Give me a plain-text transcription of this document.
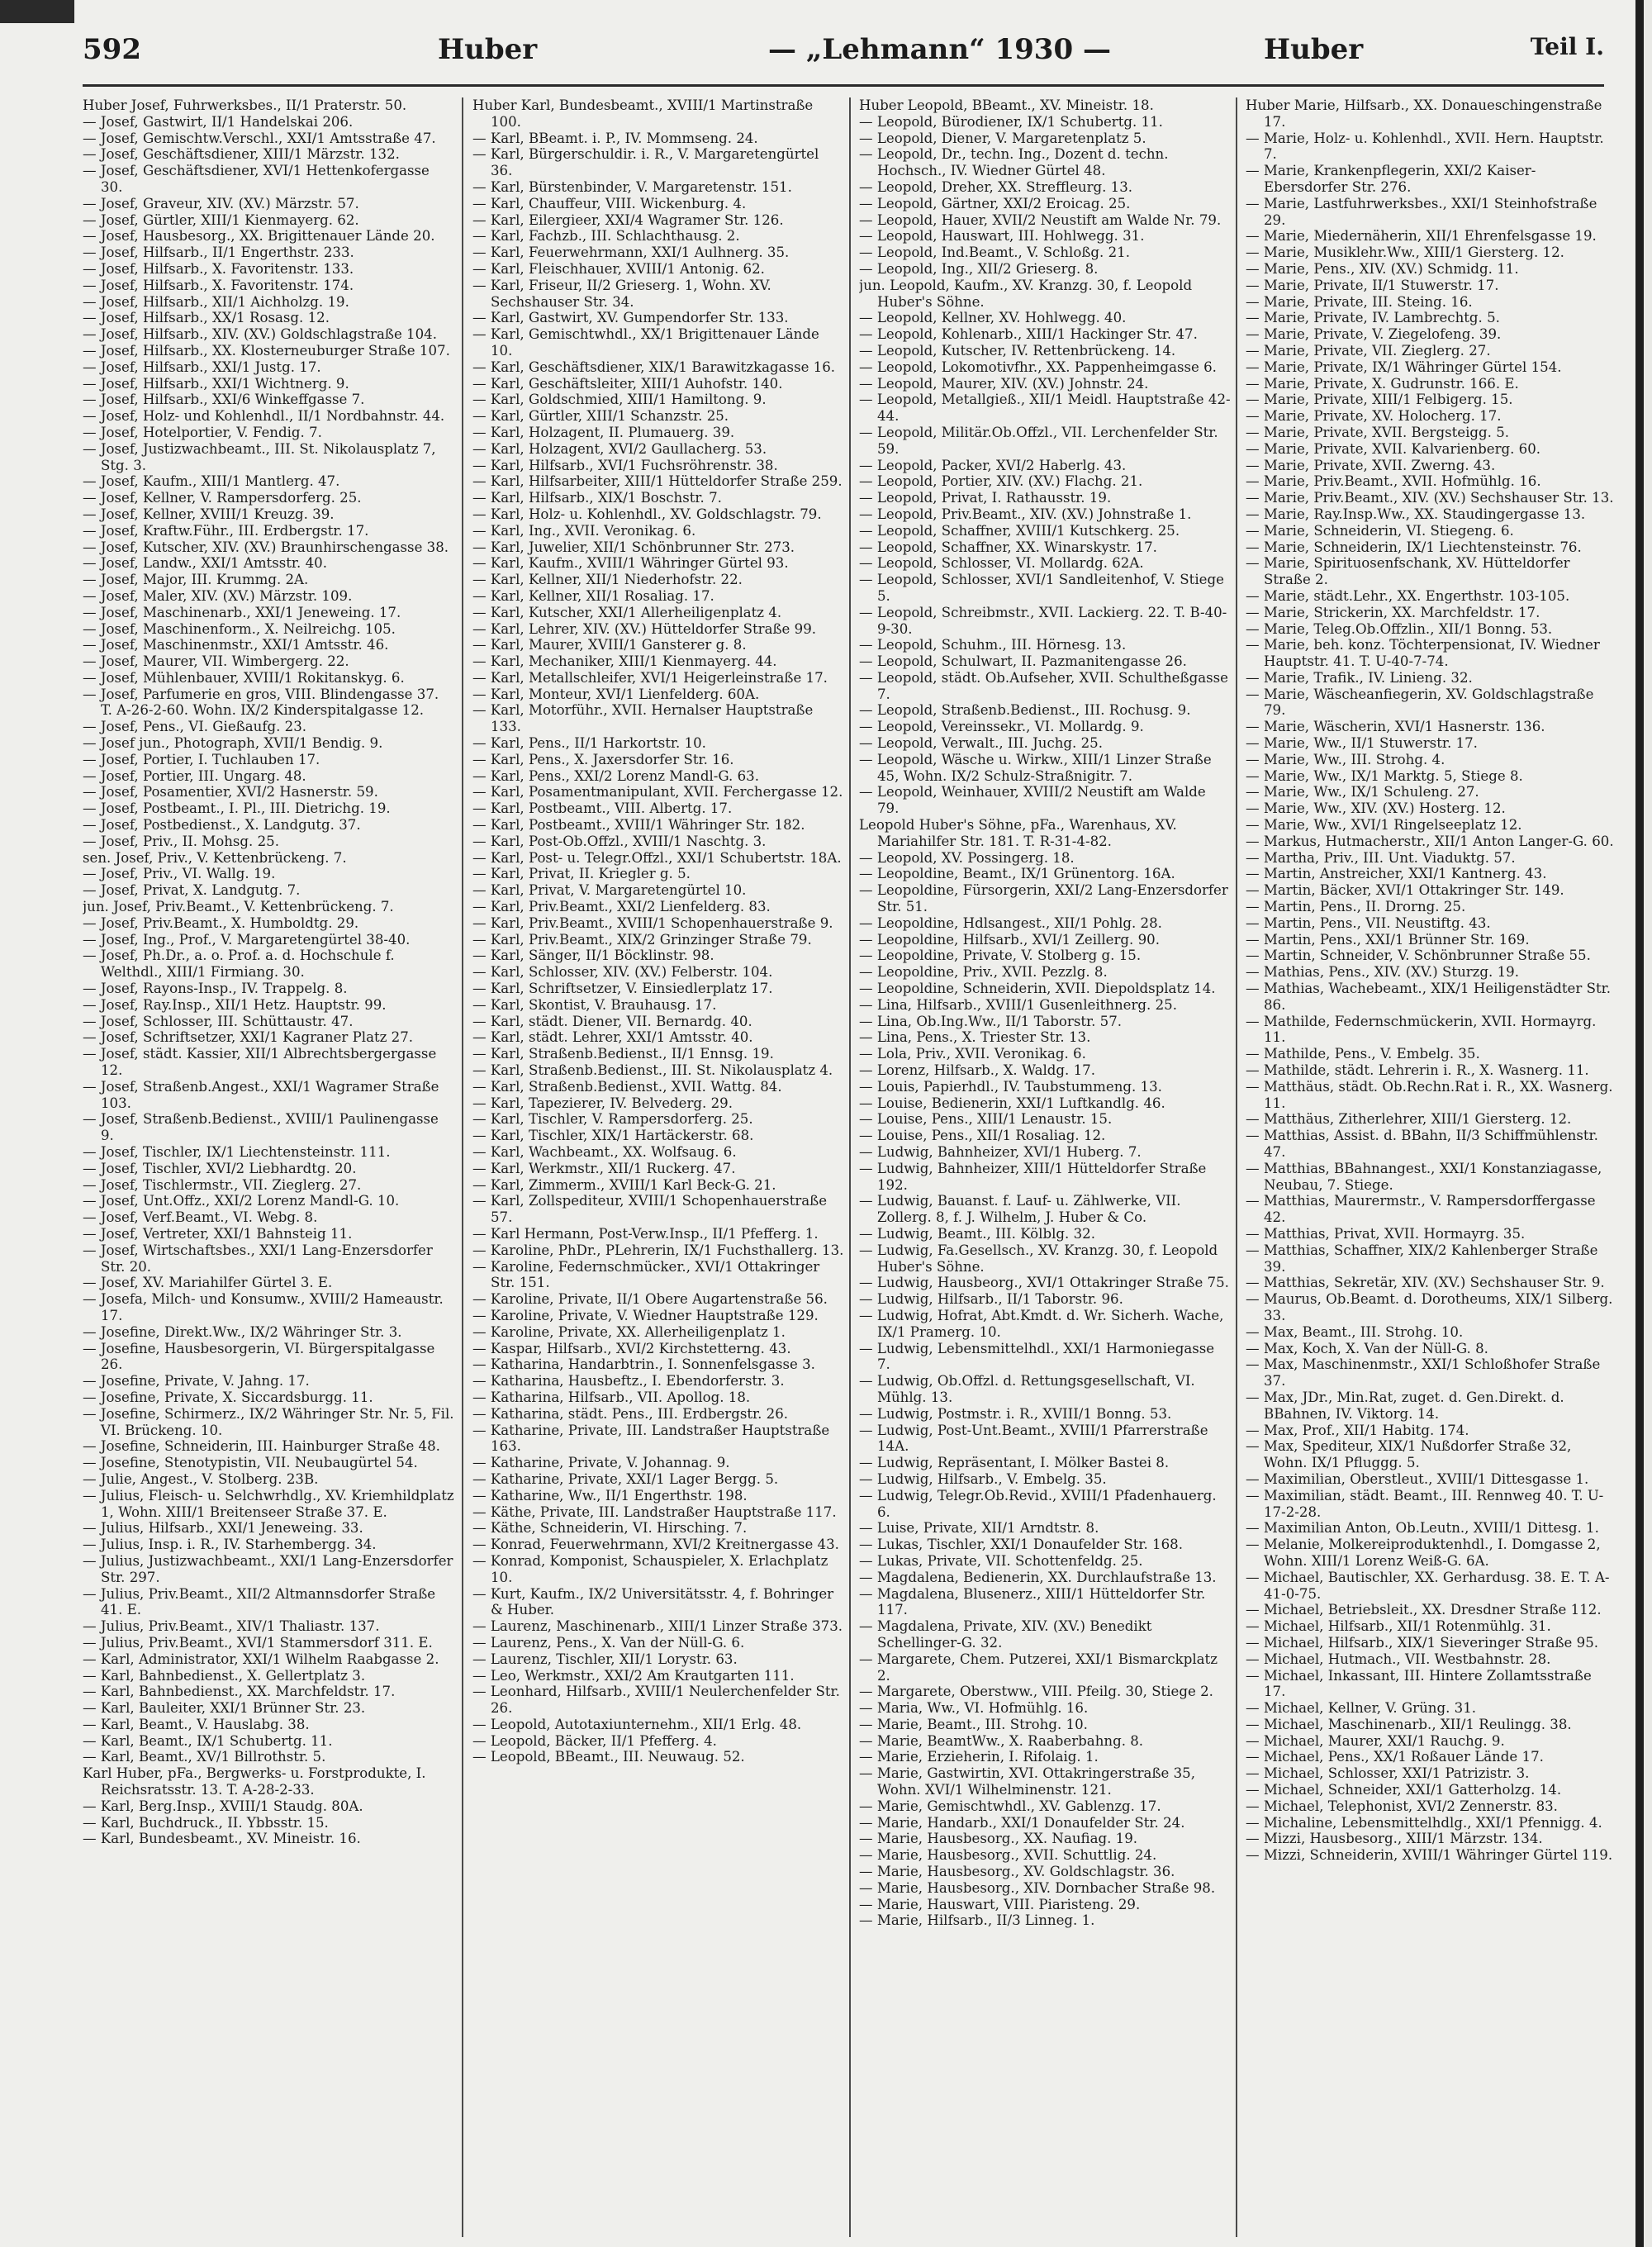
592	Huber	— „Lehmann“ 1930 —	Huber	Teil I.

Huber Josef, Fuhrwerksbes., II/1 Praterstr. 50.

— Josef, Gastwirt, II/1 Handelskai 206.

— Josef, Gemischtw.Verschl., XXI/1 Amtsstraße 47.

— Josef, Geschäftsdiener, XIII/1 Märzstr. 132.

— Josef, Geschäftsdiener, XVI/1 Hettenkofergasse 30.

— Josef, Graveur, XIV. (XV.) Märzstr. 57.

— Josef, Gürtler, XIII/1 Kienmayerg. 62.

— Josef, Hausbesorg., XX. Brigittenauer Lände 20.

— Josef, Hilfsarb., II/1 Engerthstr. 233.

— Josef, Hilfsarb., X. Favoritenstr. 133.

— Josef, Hilfsarb., X. Favoritenstr. 174.

— Josef, Hilfsarb., XII/1 Aichholzg. 19.

— Josef, Hilfsarb., XX/1 Rosasg. 12.

— Josef, Hilfsarb., XIV. (XV.) Goldschlagstraße 104.

— Josef, Hilfsarb., XX. Klosterneuburger Straße 107.

— Josef, Hilfsarb., XXI/1 Justg. 17.

— Josef, Hilfsarb., XXI/1 Wichtnerg. 9.

— Josef, Hilfsarb., XXI/6 Winkeffgasse 7.

— Josef, Holz- und Kohlenhdl., II/1 Nordbahnstr. 44.

— Josef, Hotelportier, V. Fendig. 7.

— Josef, Justizwachbeamt., III. St. Nikolausplatz 7, Stg. 3.

— Josef, Kaufm., XIII/1 Mantlerg. 47.

— Josef, Kellner, V. Rampersdorferg. 25.

— Josef, Kellner, XVIII/1 Kreuzg. 39.

— Josef, Kraftw.Führ., III. Erdbergstr. 17.

— Josef, Kutscher, XIV. (XV.) Braunhirschengasse 38.

— Josef, Landw., XXI/1 Amtsstr. 40.

— Josef, Major, III. Krummg. 2A.

— Josef, Maler, XIV. (XV.) Märzstr. 109.

— Josef, Maschinenarb., XXI/1 Jeneweing. 17.

— Josef, Maschinenform., X. Neilreichg. 105.

— Josef, Maschinenmstr., XXI/1 Amtsstr. 46.

— Josef, Maurer, VII. Wimbergerg. 22.

— Josef, Mühlenbauer, XVIII/1 Rokitanskyg. 6.

— Josef, Parfumerie en gros, VIII. Blindengasse 37. T. A-26-2-60. Wohn. IX/2 Kinderspitalgasse 12.

— Josef, Pens., VI. Gießaufg. 23.

— Josef jun., Photograph, XVII/1 Bendig. 9.

— Josef, Portier, I. Tuchlauben 17.

— Josef, Portier, III. Ungarg. 48.

— Josef, Posamentier, XVI/2 Hasnerstr. 59.

— Josef, Postbeamt., I. Pl., III. Dietrichg. 19.

— Josef, Postbedienst., X. Landgutg. 37.

— Josef, Priv., II. Mohsg. 25.

sen. Josef, Priv., V. Kettenbrückeng. 7.

— Josef, Priv., VI. Wallg. 19.

— Josef, Privat, X. Landgutg. 7.

jun. Josef, Priv.Beamt., V. Kettenbrückeng. 7.

— Josef, Priv.Beamt., X. Humboldtg. 29.

— Josef, Ing., Prof., V. Margaretengürtel 38-40.

— Josef, Ph.Dr., a. o. Prof. a. d. Hochschule f. Welthdl., XIII/1 Firmiang. 30.

— Josef, Rayons-Insp., IV. Trappelg. 8.

— Josef, Ray.Insp., XII/1 Hetz. Hauptstr. 99.

— Josef, Schlosser, III. Schüttaustr. 47.

— Josef, Schriftsetzer, XXI/1 Kagraner Platz 27.

— Josef, städt. Kassier, XII/1 Albrechtsbergergasse 12.

— Josef, Straßenb.Angest., XXI/1 Wagramer Straße 103.

— Josef, Straßenb.Bedienst., XVIII/1 Paulinengasse 9.

— Josef, Tischler, IX/1 Liechtensteinstr. 111.

— Josef, Tischler, XVI/2 Liebhardtg. 20.

— Josef, Tischlermstr., VII. Zieglerg. 27.

— Josef, Unt.Offz., XXI/2 Lorenz Mandl-G. 10.

— Josef, Verf.Beamt., VI. Webg. 8.

— Josef, Vertreter, XXI/1 Bahnsteig 11.

— Josef, Wirtschaftsbes., XXI/1 Lang-Enzersdorfer Str. 20.

— Josef, XV. Mariahilfer Gürtel 3. E.

— Josefa, Milch- und Konsumw., XVIII/2 Hameaustr. 17.

— Josefine, Direkt.Ww., IX/2 Währinger Str. 3.

— Josefine, Hausbesorgerin, VI. Bürgerspitalgasse 26.

— Josefine, Private, V. Jahng. 17.

— Josefine, Private, X. Siccardsburgg. 11.

— Josefine, Schirmerz., IX/2 Währinger Str. Nr. 5, Fil. VI. Brückeng. 10.

— Josefine, Schneiderin, III. Hainburger Straße 48.

— Josefine, Stenotypistin, VII. Neubaugürtel 54.

— Julie, Angest., V. Stolberg. 23B.

— Julius, Fleisch- u. Selchwrhdlg., XV. Kriemhildplatz 1, Wohn. XIII/1 Breitenseer Straße 37. E.

— Julius, Hilfsarb., XXI/1 Jeneweing. 33.

— Julius, Insp. i. R., IV. Starhembergg. 34.

— Julius, Justizwachbeamt., XXI/1 Lang-Enzersdorfer Str. 297.

— Julius, Priv.Beamt., XII/2 Altmannsdorfer Straße 41. E.

— Julius, Priv.Beamt., XIV/1 Thaliastr. 137.

— Julius, Priv.Beamt., XVI/1 Stammersdorf 311. E.

— Karl, Administrator, XXI/1 Wilhelm Raabgasse 2.

— Karl, Bahnbedienst., X. Gellertplatz 3.

— Karl, Bahnbedienst., XX. Marchfeldstr. 17.

— Karl, Bauleiter, XXI/1 Brünner Str. 23.

— Karl, Beamt., V. Hauslabg. 38.

— Karl, Beamt., IX/1 Schubertg. 11.

— Karl, Beamt., XV/1 Billrothstr. 5.

Karl Huber, pFa., Bergwerks- u. Forstprodukte, I. Reichsratsstr. 13. T. A-28-2-33.

— Karl, Berg.Insp., XVIII/1 Staudg. 80A.

— Karl, Buchdruck., II. Ybbsstr. 15.

— Karl, Bundesbeamt., XV. Mineistr. 16.

Huber Karl, Bundesbeamt., XVIII/1 Martinstraße 100.

— Karl, BBeamt. i. P., IV. Mommseng. 24.

— Karl, Bürgerschuldir. i. R., V. Margaretengürtel 36.

— Karl, Bürstenbinder, V. Margaretenstr. 151.

— Karl, Chauffeur, VIII. Wickenburg. 4.

— Karl, Eilergieer, XXI/4 Wagramer Str. 126.

— Karl, Fachzb., III. Schlachthausg. 2.

— Karl, Feuerwehrmann, XXI/1 Aulhnerg. 35.

— Karl, Fleischhauer, XVIII/1 Antonig. 62.

— Karl, Friseur, II/2 Grieserg. 1, Wohn. XV. Sechshauser Str. 34.

— Karl, Gastwirt, XV. Gumpendorfer Str. 133.

— Karl, Gemischtwhdl., XX/1 Brigittenauer Lände 10.

— Karl, Geschäftsdiener, XIX/1 Barawitzkagasse 16.

— Karl, Geschäftsleiter, XIII/1 Auhofstr. 140.

— Karl, Goldschmied, XIII/1 Hamiltong. 9.

— Karl, Gürtler, XIII/1 Schanzstr. 25.

— Karl, Holzagent, II. Plumauerg. 39.

— Karl, Holzagent, XVI/2 Gaullacherg. 53.

— Karl, Hilfsarb., XVI/1 Fuchsröhrenstr. 38.

— Karl, Hilfsarbeiter, XIII/1 Hütteldorfer Straße 259.

— Karl, Hilfsarb., XIX/1 Boschstr. 7.

— Karl, Holz- u. Kohlenhdl., XV. Goldschlagstr. 79.

— Karl, Ing., XVII. Veronikag. 6.

— Karl, Juwelier, XII/1 Schönbrunner Str. 273.

— Karl, Kaufm., XVIII/1 Währinger Gürtel 93.

— Karl, Kellner, XII/1 Niederhofstr. 22.

— Karl, Kellner, XII/1 Rosaliag. 17.

— Karl, Kutscher, XXI/1 Allerheiligenplatz 4.

— Karl, Lehrer, XIV. (XV.) Hütteldorfer Straße 99.

— Karl, Maurer, XVIII/1 Gansterer g. 8.

— Karl, Mechaniker, XIII/1 Kienmayerg. 44.

— Karl, Metallschleifer, XVI/1 Heigerleinstraße 17.

— Karl, Monteur, XVI/1 Lienfelderg. 60A.

— Karl, Motorführ., XVII. Hernalser Hauptstraße 133.

— Karl, Pens., II/1 Harkortstr. 10.

— Karl, Pens., X. Jaxersdorfer Str. 16.

— Karl, Pens., XXI/2 Lorenz Mandl-G. 63.

— Karl, Posamentmanipulant, XVII. Ferchergasse 12.

— Karl, Postbeamt., VIII. Albertg. 17.

— Karl, Postbeamt., XVIII/1 Währinger Str. 182.

— Karl, Post-Ob.Offzl., XVIII/1 Naschtg. 3.

— Karl, Post- u. Telegr.Offzl., XXI/1 Schubertstr. 18A.

— Karl, Privat, II. Kriegler g. 5.

— Karl, Privat, V. Margaretengürtel 10.

— Karl, Priv.Beamt., XXI/2 Lienfelderg. 83.

— Karl, Priv.Beamt., XVIII/1 Schopenhauerstraße 9.

— Karl, Priv.Beamt., XIX/2 Grinzinger Straße 79.

— Karl, Sänger, II/1 Böcklinstr. 98.

— Karl, Schlosser, XIV. (XV.) Felberstr. 104.

— Karl, Schriftsetzer, V. Einsiedlerplatz 17.

— Karl, Skontist, V. Brauhausg. 17.

— Karl, städt. Diener, VII. Bernardg. 40.

— Karl, städt. Lehrer, XXI/1 Amtsstr. 40.

— Karl, Straßenb.Bedienst., II/1 Ennsg. 19.

— Karl, Straßenb.Bedienst., III. St. Nikolausplatz 4.

— Karl, Straßenb.Bedienst., XVII. Wattg. 84.

— Karl, Tapezierer, IV. Belvederg. 29.

— Karl, Tischler, V. Rampersdorferg. 25.

— Karl, Tischler, XIX/1 Hartäckerstr. 68.

— Karl, Wachbeamt., XX. Wolfsaug. 6.

— Karl, Werkmstr., XII/1 Ruckerg. 47.

— Karl, Zimmerm., XVIII/1 Karl Beck-G. 21.

— Karl, Zollspediteur, XVIII/1 Schopenhauerstraße 57.

— Karl Hermann, Post-Verw.Insp., II/1 Pfefferg. 1.

— Karoline, PhDr., PLehrerin, IX/1 Fuchsthallerg. 13.

— Karoline, Federnschmücker., XVI/1 Ottakringer Str. 151.

— Karoline, Private, II/1 Obere Augartenstraße 56.

— Karoline, Private, V. Wiedner Hauptstraße 129.

— Karoline, Private, XX. Allerheiligenplatz 1.

— Kaspar, Hilfsarb., XVI/2 Kirchstetterng. 43.

— Katharina, Handarbtrin., I. Sonnenfelsgasse 3.

— Katharina, Hausbeftz., I. Ebendorferstr. 3.

— Katharina, Hilfsarb., VII. Apollog. 18.

— Katharina, städt. Pens., III. Erdbergstr. 26.

— Katharine, Private, III. Landstraßer Hauptstraße 163.

— Katharine, Private, V. Johannag. 9.

— Katharine, Private, XXI/1 Lager Bergg. 5.

— Katharine, Ww., II/1 Engerthstr. 198.

— Käthe, Private, III. Landstraßer Hauptstraße 117.

— Käthe, Schneiderin, VI. Hirsching. 7.

— Konrad, Feuerwehrmann, XVI/2 Kreitnergasse 43.

— Konrad, Komponist, Schauspieler, X. Erlachplatz 10.

— Kurt, Kaufm., IX/2 Universitätsstr. 4, f. Bohringer & Huber.

— Laurenz, Maschinenarb., XIII/1 Linzer Straße 373.

— Laurenz, Pens., X. Van der Nüll-G. 6.

— Laurenz, Tischler, XII/1 Lorystr. 63.

— Leo, Werkmstr., XXI/2 Am Krautgarten 111.

— Leonhard, Hilfsarb., XVIII/1 Neulerchenfelder Str. 26.

— Leopold, Autotaxiunternehm., XII/1 Erlg. 48.

— Leopold, Bäcker, II/1 Pfefferg. 4.

— Leopold, BBeamt., III. Neuwaug. 52.

Huber Leopold, BBeamt., XV. Mineistr. 18.

— Leopold, Bürodiener, IX/1 Schubertg. 11.

— Leopold, Diener, V. Margaretenplatz 5.

— Leopold, Dr., techn. Ing., Dozent d. techn. Hochsch., IV. Wiedner Gürtel 48.

— Leopold, Dreher, XX. Streffleurg. 13.

— Leopold, Gärtner, XXI/2 Eroicag. 25.

— Leopold, Hauer, XVII/2 Neustift am Walde Nr. 79.

— Leopold, Hauswart, III. Hohlwegg. 31.

— Leopold, Ind.Beamt., V. Schloßg. 21.

— Leopold, Ing., XII/2 Grieserg. 8.

jun. Leopold, Kaufm., XV. Kranzg. 30, f. Leopold Huber's Söhne.

— Leopold, Kellner, XV. Hohlwegg. 40.

— Leopold, Kohlenarb., XIII/1 Hackinger Str. 47.

— Leopold, Kutscher, IV. Rettenbrückeng. 14.

— Leopold, Lokomotivfhr., XX. Pappenheimgasse 6.

— Leopold, Maurer, XIV. (XV.) Johnstr. 24.

— Leopold, Metallgieß., XII/1 Meidl. Hauptstraße 42-44.

— Leopold, Militär.Ob.Offzl., VII. Lerchenfelder Str. 59.

— Leopold, Packer, XVI/2 Haberlg. 43.

— Leopold, Portier, XIV. (XV.) Flachg. 21.

— Leopold, Privat, I. Rathausstr. 19.

— Leopold, Priv.Beamt., XIV. (XV.) Johnstraße 1.

— Leopold, Schaffner, XVIII/1 Kutschkerg. 25.

— Leopold, Schaffner, XX. Winarskystr. 17.

— Leopold, Schlosser, VI. Mollardg. 62A.

— Leopold, Schlosser, XVI/1 Sandleitenhof, V. Stiege 5.

— Leopold, Schreibmstr., XVII. Lackierg. 22. T. B-40-9-30.

— Leopold, Schuhm., III. Hörnesg. 13.

— Leopold, Schulwart, II. Pazmanitengasse 26.

— Leopold, städt. Ob.Aufseher, XVII. Schultheßgasse 7.

— Leopold, Straßenb.Bedienst., III. Rochusg. 9.

— Leopold, Vereinssekr., VI. Mollardg. 9.

— Leopold, Verwalt., III. Juchg. 25.

— Leopold, Wäsche u. Wirkw., XIII/1 Linzer Straße 45, Wohn. IX/2 Schulz-Straßnigitr. 7.

— Leopold, Weinhauer, XVIII/2 Neustift am Walde 79.

Leopold Huber's Söhne, pFa., Warenhaus, XV. Mariahilfer Str. 181. T. R-31-4-82.

— Leopold, XV. Possingerg. 18.

— Leopoldine, Beamt., IX/1 Grünentorg. 16A.

— Leopoldine, Fürsorgerin, XXI/2 Lang-Enzersdorfer Str. 51.

— Leopoldine, Hdlsangest., XII/1 Pohlg. 28.

— Leopoldine, Hilfsarb., XVI/1 Zeillerg. 90.

— Leopoldine, Private, V. Stolberg g. 15.

— Leopoldine, Priv., XVII. Pezzlg. 8.

— Leopoldine, Schneiderin, XVII. Diepoldsplatz 14.

— Lina, Hilfsarb., XVIII/1 Gusenleithnerg. 25.

— Lina, Ob.Ing.Ww., II/1 Taborstr. 57.

— Lina, Pens., X. Triester Str. 13.

— Lola, Priv., XVII. Veronikag. 6.

— Lorenz, Hilfsarb., X. Waldg. 17.

— Louis, Papierhdl., IV. Taubstummeng. 13.

— Louise, Bedienerin, XXI/1 Luftkandlg. 46.

— Louise, Pens., XIII/1 Lenaustr. 15.

— Louise, Pens., XII/1 Rosaliag. 12.

— Ludwig, Bahnheizer, XVI/1 Huberg. 7.

— Ludwig, Bahnheizer, XIII/1 Hütteldorfer Straße 192.

— Ludwig, Bauanst. f. Lauf- u. Zählwerke, VII. Zollerg. 8, f. J. Wilhelm, J. Huber & Co.

— Ludwig, Beamt., III. Kölblg. 32.

— Ludwig, Fa.Gesellsch., XV. Kranzg. 30, f. Leopold Huber's Söhne.

— Ludwig, Hausbeorg., XVI/1 Ottakringer Straße 75.

— Ludwig, Hilfsarb., II/1 Taborstr. 96.

— Ludwig, Hofrat, Abt.Kmdt. d. Wr. Sicherh. Wache, IX/1 Pramerg. 10.

— Ludwig, Lebensmittelhdl., XXI/1 Harmoniegasse 7.

— Ludwig, Ob.Offzl. d. Rettungsgesellschaft, VI. Mühlg. 13.

— Ludwig, Postmstr. i. R., XVIII/1 Bonng. 53.

— Ludwig, Post-Unt.Beamt., XVIII/1 Pfarrerstraße 14A.

— Ludwig, Repräsentant, I. Mölker Bastei 8.

— Ludwig, Hilfsarb., V. Embelg. 35.

— Ludwig, Telegr.Ob.Revid., XVIII/1 Pfadenhauerg. 6.

— Luise, Private, XII/1 Arndtstr. 8.

— Lukas, Tischler, XXI/1 Donaufelder Str. 168.

— Lukas, Private, VII. Schottenfeldg. 25.

— Magdalena, Bedienerin, XX. Durchlaufstraße 13.

— Magdalena, Blusenerz., XIII/1 Hütteldorfer Str. 117.

— Magdalena, Private, XIV. (XV.) Benedikt Schellinger-G. 32.

— Margarete, Chem. Putzerei, XXI/1 Bismarckplatz 2.

— Margarete, Oberstww., VIII. Pfeilg. 30, Stiege 2.

— Maria, Ww., VI. Hofmühlg. 16.

— Marie, Beamt., III. Strohg. 10.

— Marie, BeamtWw., X. Raaberbahng. 8.

— Marie, Erzieherin, I. Rifolaig. 1.

— Marie, Gastwirtin, XVI. Ottakringerstraße 35, Wohn. XVI/1 Wilhelminenstr. 121.

— Marie, Gemischtwhdl., XV. Gablenzg. 17.

— Marie, Handarb., XXI/1 Donaufelder Str. 24.

— Marie, Hausbesorg., XX. Naufiag. 19.

— Marie, Hausbesorg., XVII. Schuttlig. 24.

— Marie, Hausbesorg., XV. Goldschlagstr. 36.

— Marie, Hausbesorg., XIV. Dornbacher Straße 98.

— Marie, Hauswart, VIII. Piaristeng. 29.

— Marie, Hilfsarb., II/3 Linneg. 1.

Huber Marie, Hilfsarb., XX. Donaueschingenstraße 17.

— Marie, Holz- u. Kohlenhdl., XVII. Hern. Hauptstr. 7.

— Marie, Krankenpflegerin, XXI/2 Kaiser-Ebersdorfer Str. 276.

— Marie, Lastfuhrwerksbes., XXI/1 Steinhofstraße 29.

— Marie, Miedernäherin, XII/1 Ehrenfelsgasse 19.

— Marie, Musiklehr.Ww., XIII/1 Giersterg. 12.

— Marie, Pens., XIV. (XV.) Schmidg. 11.

— Marie, Private, II/1 Stuwerstr. 17.

— Marie, Private, III. Steing. 16.

— Marie, Private, IV. Lambrechtg. 5.

— Marie, Private, V. Ziegelofeng. 39.

— Marie, Private, VII. Zieglerg. 27.

— Marie, Private, IX/1 Währinger Gürtel 154.

— Marie, Private, X. Gudrunstr. 166. E.

— Marie, Private, XIII/1 Felbigerg. 15.

— Marie, Private, XV. Holocherg. 17.

— Marie, Private, XVII. Bergsteigg. 5.

— Marie, Private, XVII. Kalvarienberg. 60.

— Marie, Private, XVII. Zwerng. 43.

— Marie, Priv.Beamt., XVII. Hofmühlg. 16.

— Marie, Priv.Beamt., XIV. (XV.) Sechshauser Str. 13.

— Marie, Ray.Insp.Ww., XX. Staudingergasse 13.

— Marie, Schneiderin, VI. Stiegeng. 6.

— Marie, Schneiderin, IX/1 Liechtensteinstr. 76.

— Marie, Spirituosenfschank, XV. Hütteldorfer Straße 2.

— Marie, städt.Lehr., XX. Engerthstr. 103-105.

— Marie, Strickerin, XX. Marchfeldstr. 17.

— Marie, Teleg.Ob.Offzlin., XII/1 Bonng. 53.

— Marie, beh. konz. Töchterpensionat, IV. Wiedner Hauptstr. 41. T. U-40-7-74.

— Marie, Trafik., IV. Linieng. 32.

— Marie, Wäscheanfiegerin, XV. Goldschlagstraße 79.

— Marie, Wäscherin, XVI/1 Hasnerstr. 136.

— Marie, Ww., II/1 Stuwerstr. 17.

— Marie, Ww., III. Strohg. 4.

— Marie, Ww., IX/1 Marktg. 5, Stiege 8.

— Marie, Ww., IX/1 Schuleng. 27.

— Marie, Ww., XIV. (XV.) Hosterg. 12.

— Marie, Ww., XVI/1 Ringelseeplatz 12.

— Markus, Hutmacherstr., XII/1 Anton Langer-G. 60.

— Martha, Priv., III. Unt. Viaduktg. 57.

— Martin, Anstreicher, XXI/1 Kantnerg. 43.

— Martin, Bäcker, XVI/1 Ottakringer Str. 149.

— Martin, Pens., II. Drorng. 25.

— Martin, Pens., VII. Neustiftg. 43.

— Martin, Pens., XXI/1 Brünner Str. 169.

— Martin, Schneider, V. Schönbrunner Straße 55.

— Mathias, Pens., XIV. (XV.) Sturzg. 19.

— Mathias, Wachebeamt., XIX/1 Heiligenstädter Str. 86.

— Mathilde, Federnschmückerin, XVII. Hormayrg. 11.

— Mathilde, Pens., V. Embelg. 35.

— Mathilde, städt. Lehrerin i. R., X. Wasnerg. 11.

— Matthäus, städt. Ob.Rechn.Rat i. R., XX. Wasnerg. 11.

— Matthäus, Zitherlehrer, XIII/1 Giersterg. 12.

— Matthias, Assist. d. BBahn, II/3 Schiffmühlenstr. 47.

— Matthias, BBahnangest., XXI/1 Konstanziagasse, Neubau, 7. Stiege.

— Matthias, Maurermstr., V. Rampersdorffergasse 42.

— Matthias, Privat, XVII. Hormayrg. 35.

— Matthias, Schaffner, XIX/2 Kahlenberger Straße 39.

— Matthias, Sekretär, XIV. (XV.) Sechshauser Str. 9.

— Maurus, Ob.Beamt. d. Dorotheums, XIX/1 Silberg. 33.

— Max, Beamt., III. Strohg. 10.

— Max, Koch, X. Van der Nüll-G. 8.

— Max, Maschinenmstr., XXI/1 Schloßhofer Straße 37.

— Max, JDr., Min.Rat, zuget. d. Gen.Direkt. d. BBahnen, IV. Viktorg. 14.

— Max, Prof., XII/1 Habitg. 174.

— Max, Spediteur, XIX/1 Nußdorfer Straße 32, Wohn. IX/1 Pfluggg. 5.

— Maximilian, Oberstleut., XVIII/1 Dittesgasse 1.

— Maximilian, städt. Beamt., III. Rennweg 40. T. U-17-2-28.

— Maximilian Anton, Ob.Leutn., XVIII/1 Dittesg. 1.

— Melanie, Molkereiproduktenhdl., I. Domgasse 2, Wohn. XIII/1 Lorenz Weiß-G. 6A.

— Michael, Bautischler, XX. Gerhardusg. 38. E. T. A-41-0-75.

— Michael, Betriebsleit., XX. Dresdner Straße 112.

— Michael, Hilfsarb., XII/1 Rotenmühlg. 31.

— Michael, Hilfsarb., XIX/1 Sieveringer Straße 95.

— Michael, Hutmach., VII. Westbahnstr. 28.

— Michael, Inkassant, III. Hintere Zollamtsstraße 17.

— Michael, Kellner, V. Grüng. 31.

— Michael, Maschinenarb., XII/1 Reulingg. 38.

— Michael, Maurer, XXI/1 Rauchg. 9.

— Michael, Pens., XX/1 Roßauer Lände 17.

— Michael, Schlosser, XXI/1 Patrizistr. 3.

— Michael, Schneider, XXI/1 Gatterholzg. 14.

— Michael, Telephonist, XVI/2 Zennerstr. 83.

— Michaline, Lebensmittelhdlg., XXI/1 Pfennigg. 4.

— Mizzi, Hausbesorg., XIII/1 Märzstr. 134.

— Mizzi, Schneiderin, XVIII/1 Währinger Gürtel 119.
